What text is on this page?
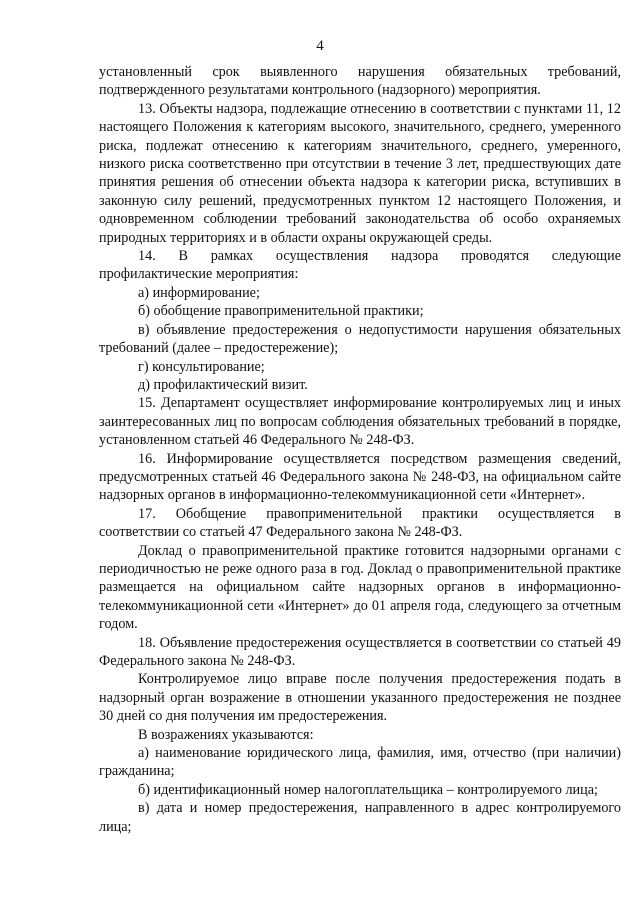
4

установленный срок выявленного нарушения обязательных требований, подтвержденного результатами контрольного (надзорного) мероприятия.

13. Объекты надзора, подлежащие отнесению в соответствии с пунктами 11, 12 настоящего Положения к категориям высокого, значительного, среднего, умеренного риска, подлежат отнесению к категориям значительного, среднего, умеренного, низкого риска соответственно при отсутствии в течение 3 лет, предшествующих дате принятия решения об отнесении объекта надзора к категории риска, вступивших в законную силу решений, предусмотренных пунктом 12 настоящего Положения, и одновременном соблюдении требований законодательства об особо охраняемых природных территориях и в области охраны окружающей среды.

14. В рамках осуществления надзора проводятся следующие профилактические мероприятия:

а) информирование;

б) обобщение правоприменительной практики;

в) объявление предостережения о недопустимости нарушения обязательных требований (далее – предостережение);

г) консультирование;

д) профилактический визит.

15. Департамент осуществляет информирование контролируемых лиц и иных заинтересованных лиц по вопросам соблюдения обязательных требований в порядке, установленном статьей 46 Федерального № 248-ФЗ.

16. Информирование осуществляется посредством размещения сведений, предусмотренных статьей 46 Федерального закона № 248-ФЗ, на официальном сайте надзорных органов в информационно-телекоммуникационной сети «Интернет».

17. Обобщение правоприменительной практики осуществляется в соответствии со статьей 47 Федерального закона № 248-ФЗ.

Доклад о правоприменительной практике готовится надзорными органами с периодичностью не реже одного раза в год. Доклад о правоприменительной практике размещается на официальном сайте надзорных органов в информационно-телекоммуникационной сети «Интернет» до 01 апреля года, следующего за отчетным годом.

18. Объявление предостережения осуществляется в соответствии со статьей 49 Федерального закона № 248-ФЗ.

Контролируемое лицо вправе после получения предостережения подать в надзорный орган возражение в отношении указанного предостережения не позднее 30 дней со дня получения им предостережения.

В возражениях указываются:

а) наименование юридического лица, фамилия, имя, отчество (при наличии) гражданина;

б) идентификационный номер налогоплательщика – контролируемого лица;

в) дата и номер предостережения, направленного в адрес контролируемого лица;
